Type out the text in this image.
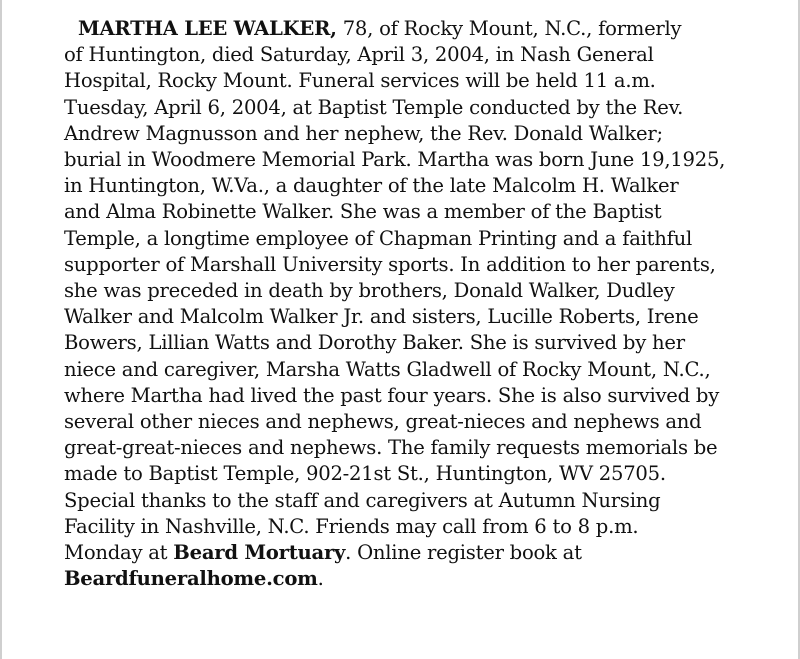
MARTHA LEE WALKER, 78, of Rocky Mount, N.C., formerly
of Huntington, died Saturday, April 3, 2004, in Nash General
Hospital, Rocky Mount. Funeral services will be held 11 a.m.
Tuesday, April 6, 2004, at Baptist Temple conducted by the Rev.
Andrew Magnusson and her nephew, the Rev. Donald Walker;
burial in Woodmere Memorial Park. Martha was born June 19,1925,
in Huntington, W.Va., a daughter of the late Malcolm H. Walker
and Alma Robinette Walker. She was a member of the Baptist
Temple, a longtime employee of Chapman Printing and a faithful
supporter of Marshall University sports. In addition to her parents,
she was preceded in death by brothers, Donald Walker, Dudley
Walker and Malcolm Walker Jr. and sisters, Lucille Roberts, Irene
Bowers, Lillian Watts and Dorothy Baker. She is survived by her
niece and caregiver, Marsha Watts Gladwell of Rocky Mount, N.C.,
where Martha had lived the past four years. She is also survived by
several other nieces and nephews, great-nieces and nephews and
great-great-nieces and nephews. The family requests memorials be
made to Baptist Temple, 902-21st St., Huntington, WV 25705.
Special thanks to the staff and caregivers at Autumn Nursing
Facility in Nashville, N.C. Friends may call from 6 to 8 p.m.
Monday at Beard Mortuary. Online register book at
Beardfuneralhome.com.
